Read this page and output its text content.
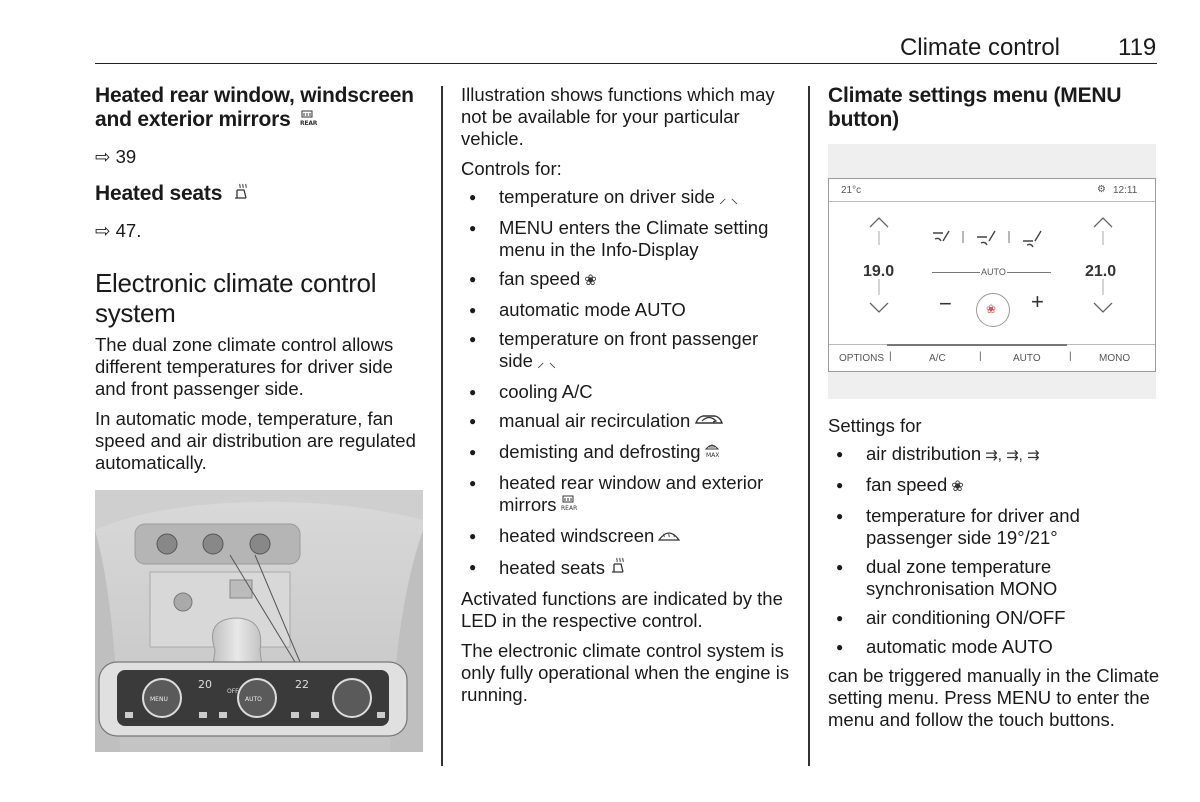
Climate control 119
Heated rear window, windscreen and exterior mirrors REAR

⇨ 39

Heated seats

⇨ 47.

Electronic climate control system

The dual zone climate control allows different temperatures for driver side and front passenger side.

In automatic mode, temperature, fan speed and air distribution are regulated automatically.

MENU	AUTO
20	22
OFF

Illustration shows functions which may not be available for your particular vehicle.

Controls for:

● temperature on driver side ⸝ ⸜
● MENU enters the Climate setting menu in the Info-Display
● fan speed ❀
● automatic mode AUTO
● temperature on front passenger side ⸝ ⸜
● cooling A/C
● manual air recirculation
● demisting and defrosting MAX
● heated rear window and exterior mirrors REAR
● heated windscreen
● heated seats

Activated functions are indicated by the LED in the respective control.

The electronic climate control system is only fully operational when the engine is running.

Climate settings menu (MENU button)
21°c	⚙ 12:11
19.0	21.0
AUTO
−	❀ +
OPTIONS |	A/C	|	AUTO	|	MONO

Settings for

● air distribution ⇉, ⇉, ⇉
● fan speed ❀
● temperature for driver and passenger side 19°/21°
● dual zone temperature synchronisation MONO
● air conditioning ON/OFF
● automatic mode AUTO

can be triggered manually in the Climate setting menu. Press MENU to enter the menu and follow the touch buttons.
